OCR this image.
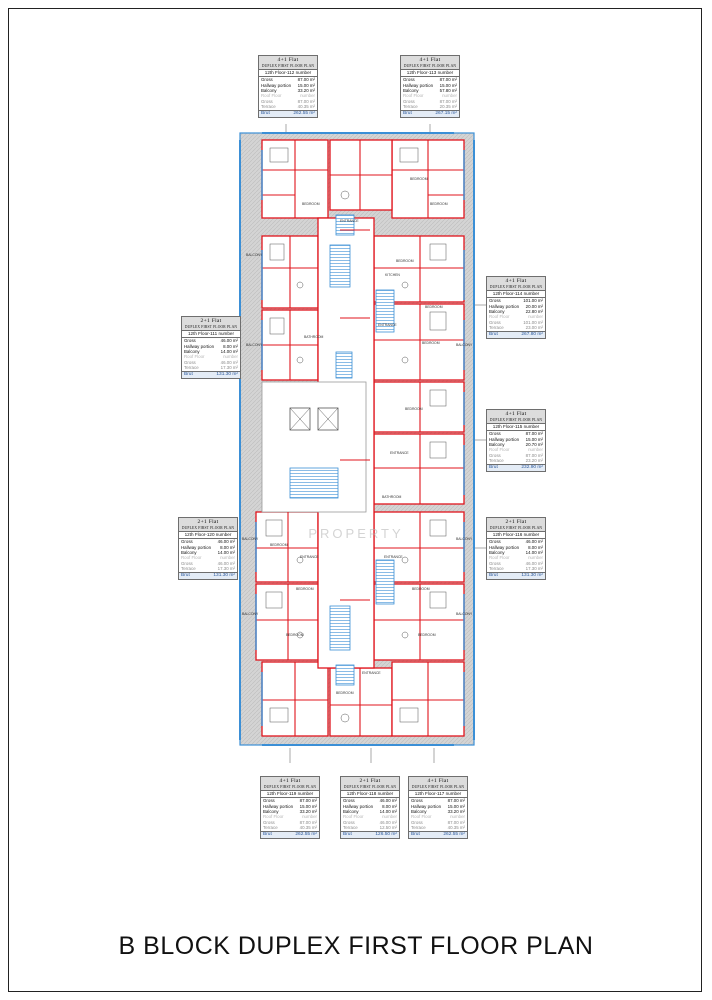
BEDROOM
BEDROOM
BEDROOM
ENTRANCE
BEDROOM
BEDROOM
ENTRANCE
BATHROOM
BEDROOM
BEDROOM
ENTRANCE
BATHROOM
BEDROOM
ENTRANCE	ENTRANCE
BEDROOM	BEDROOM
BEDROOM	BEDROOM
BEDROOM
ENTRANCE
BALCONY
BALCONY	BALCONY
BALCONY	BALCONY
BALCONY	BALCONY
KITCHEN
PROPERTY
4+1 Flat
DUPLEX FIRST FLOOR PLAN
12th Floor-112 number
Gross	87.00 m²
Hallway portion 15.00 m²
Balcony	33.20 m²
Roof Floor	number
Gross	87.00 m²
Terrace	40.35 m²
Brut	262.55 m²
4+1 Flat
DUPLEX FIRST FLOOR PLAN
12th Floor-113 number
Gross	87.00 m²
Hallway portion 15.00 m²
Balcony	57.80 m²
Roof Floor	number
Gross	87.00 m²
Terrace	20.35 m²
Brut	267.15 m²
4+1 Flat
DUPLEX FIRST FLOOR PLAN
12th Floor-114 number
Gross	101.00 m²
Hallway portion 20.00 m²
Balcony	22.80 m²
Roof Floor	number
Gross	101.00 m²
Terrace	23.00 m²
Brut	267.80 m²
2+1 Flat
DUPLEX FIRST FLOOR PLAN
12th Floor-111 number
Gross	46.00 m²
Hallway portion 8.00 m²
Balcony	14.00 m²
Roof Floor	number
Gross	46.00 m²
Terrace	17.30 m²
Brut	131.30 m²
4+1 Flat
DUPLEX FIRST FLOOR PLAN
12th Floor-115 number
Gross	87.00 m²
Hallway portion 15.00 m²
Balcony	20.70 m²
Roof Floor	number
Gross	87.00 m²
Terrace	23.20 m²
Brut	232.90 m²
2+1 Flat
DUPLEX FIRST FLOOR PLAN
12th Floor-120 number
Gross	46.00 m²
Hallway portion 8.00 m²
Balcony	14.00 m²
Roof Floor	number
Gross	46.00 m²
Terrace	17.30 m²
Brut	131.30 m²
2+1 Flat
DUPLEX FIRST FLOOR PLAN
12th Floor-116 number
Gross	46.00 m²
Hallway portion 8.00 m²
Balcony	14.00 m²
Roof Floor	number
Gross	46.00 m²
Terrace	17.30 m²
Brut	131.30 m²
4+1 Flat
DUPLEX FIRST FLOOR PLAN
12th Floor-119 number
Gross	87.00 m²
Hallway portion 15.00 m²
Balcony	33.20 m²
Roof Floor	number
Gross	87.00 m²
Terrace	40.35 m²
Brut	262.55 m²
2+1 Flat
DUPLEX FIRST FLOOR PLAN
12th Floor-118 number
Gross	46.00 m²
Hallway portion 8.00 m²
Balcony	14.00 m²
Roof Floor	number
Gross	46.00 m²
Terrace	12.50 m²
Brut	126.50 m²
4+1 Flat
DUPLEX FIRST FLOOR PLAN
12th Floor-117 number
Gross	87.00 m²
Hallway portion 15.00 m²
Balcony	33.20 m²
Roof Floor	number
Gross	87.00 m²
Terrace	40.35 m²
Brut	262.55 m²
B BLOCK DUPLEX FIRST FLOOR PLAN
